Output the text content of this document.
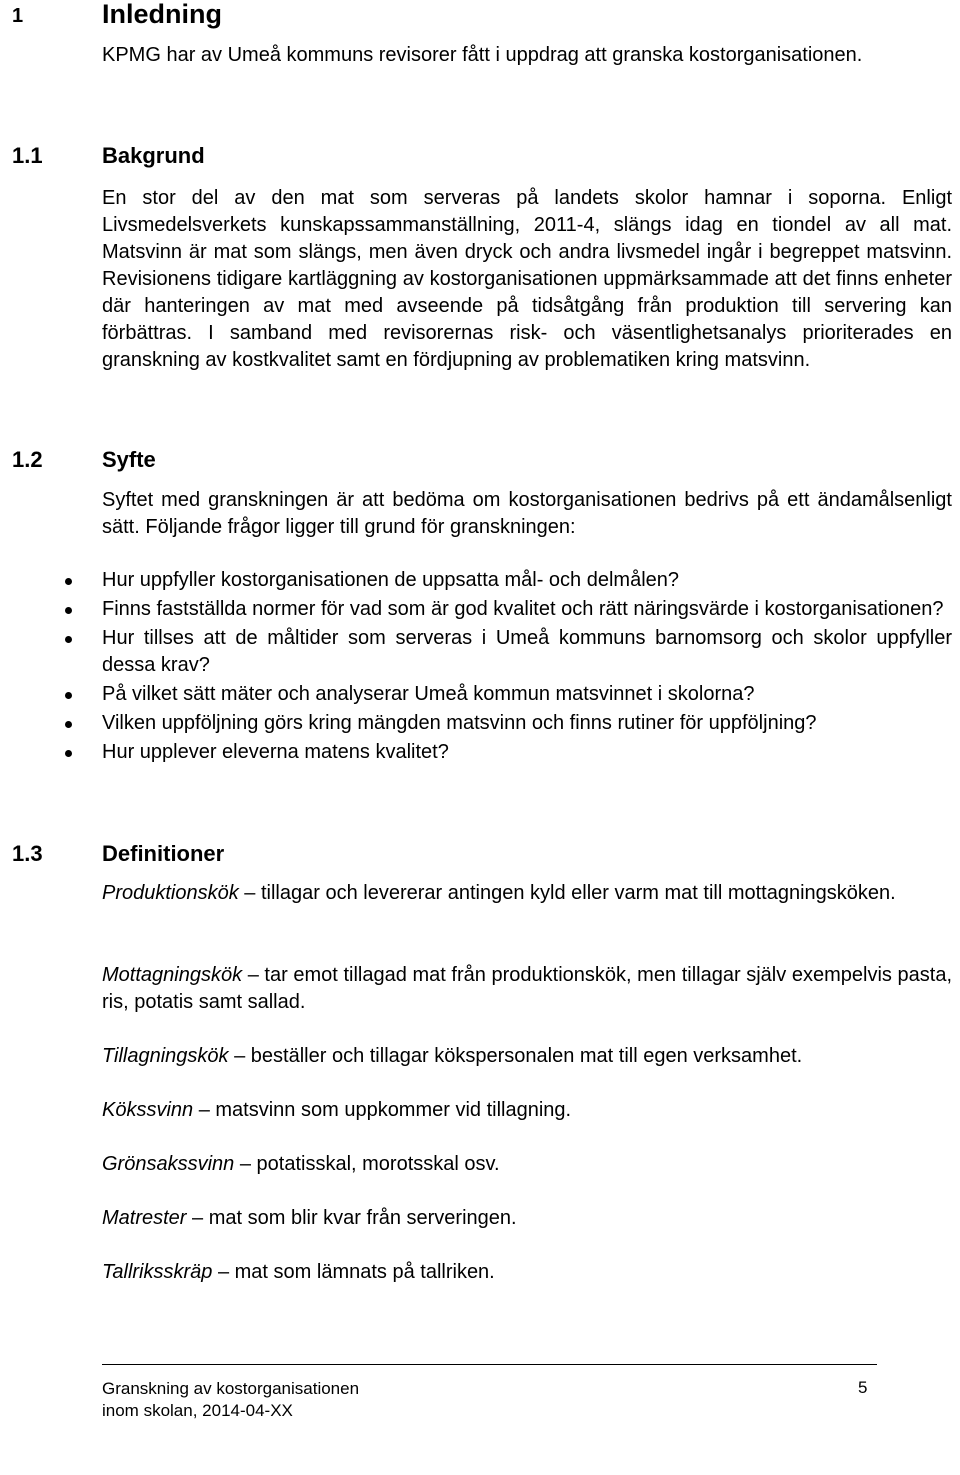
1	Inledning

KPMG har av Umeå kommuns revisorer fått i uppdrag att granska kostorganisationen.

1.1	Bakgrund

En stor del av den mat som serveras på landets skolor hamnar i soporna. Enligt Livsmedelsverkets kunskapssammanställning, 2011-4, slängs idag en tiondel av all mat. Matsvinn är mat som slängs, men även dryck och andra livsmedel ingår i begreppet matsvinn. Revisionens tidigare kartläggning av kostorganisationen uppmärksammade att det finns enheter där hanteringen av mat med avseende på tidsåtgång från produktion till servering kan förbättras. I samband med revisorernas risk- och väsentlighetsanalys prioriterades en granskning av kostkvalitet samt en fördjupning av problematiken kring matsvinn.

1.2	Syfte

Syftet med granskningen är att bedöma om kostorganisationen bedrivs på ett ändamålsenligt sätt. Följande frågor ligger till grund för granskningen:

Hur uppfyller kostorganisationen de uppsatta mål- och delmålen?
Finns fastställda normer för vad som är god kvalitet och rätt näringsvärde i kostorganisationen?
Hur tillses att de måltider som serveras i Umeå kommuns barnomsorg och skolor uppfyller dessa krav?
På vilket sätt mäter och analyserar Umeå kommun matsvinnet i skolorna?
Vilken uppföljning görs kring mängden matsvinn och finns rutiner för uppföljning?
Hur upplever eleverna matens kvalitet?
1.3	Definitioner

Produktionskök – tillagar och levererar antingen kyld eller varm mat till mottagningsköken.

Mottagningskök – tar emot tillagad mat från produktionskök, men tillagar själv exempelvis pasta, ris, potatis samt sallad.

Tillagningskök – beställer och tillagar kökspersonalen mat till egen verksamhet.

Kökssvinn – matsvinn som uppkommer vid tillagning.

Grönsakssvinn – potatisskal, morotsskal osv.

Matrester – mat som blir kvar från serveringen.

Tallriksskräp – mat som lämnats på tallriken.

Granskning av kostorganisationen
inom skolan, 2014-04-XX
5
